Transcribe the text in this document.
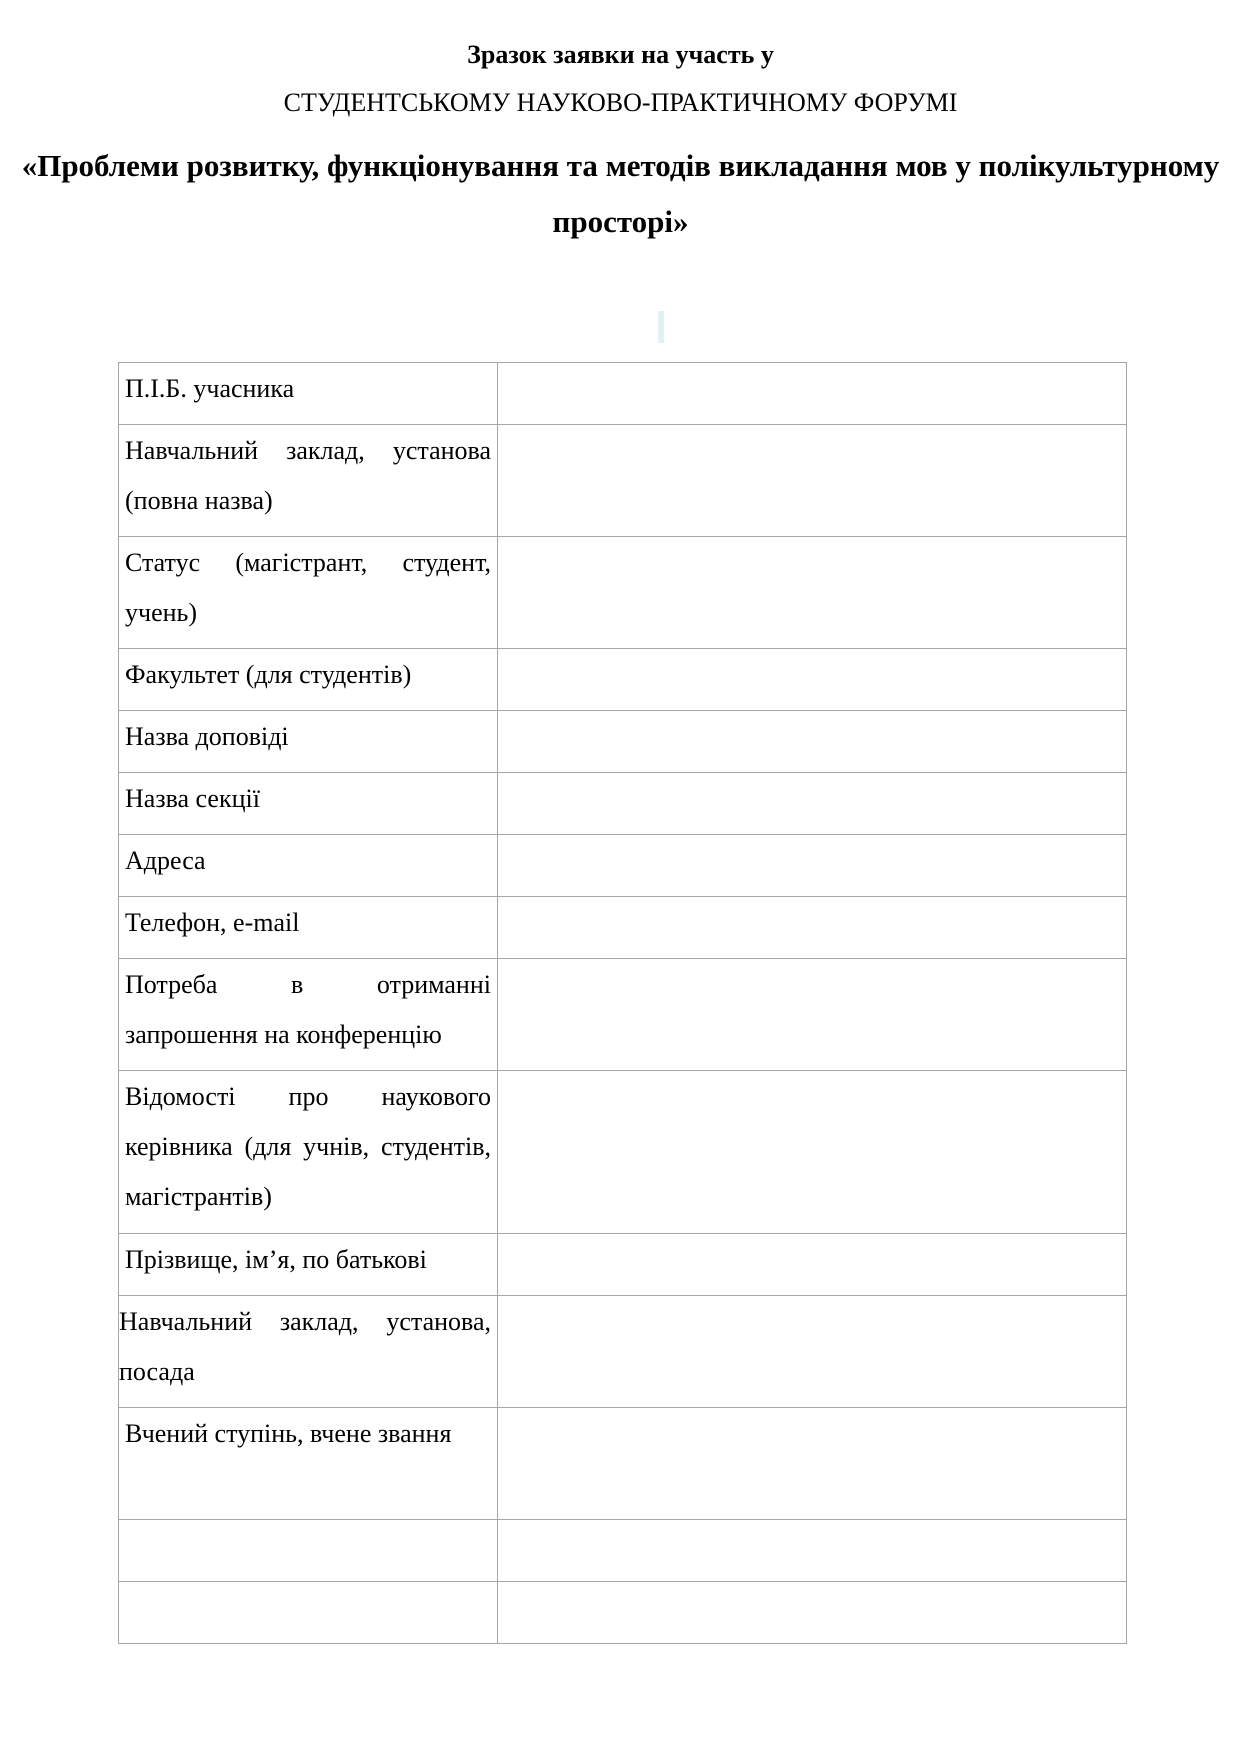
Зразок заявки на участь у
СТУДЕНТСЬКОМУ НАУКОВО-ПРАКТИЧНОМУ ФОРУМІ
«Проблеми розвитку, функціонування та методів викладання мов у полікультурному просторі»
П.І.Б. учасника	

Навчальний заклад, установа (повна назва)	

Статус (магістрант, студент, учень)	

Факультет (для студентів)	

Назва доповіді	

Назва секції	

Адреса	

Телефон, e-mail	

Потреба в отриманні запрошення на конференцію	

Відомості про наукового керівника (для учнів, студентів, магістрантів)	

Прізвище, ім’я, по батькові	

Навчальний заклад, установа, посада	

Вчений ступінь, вчене звання	
